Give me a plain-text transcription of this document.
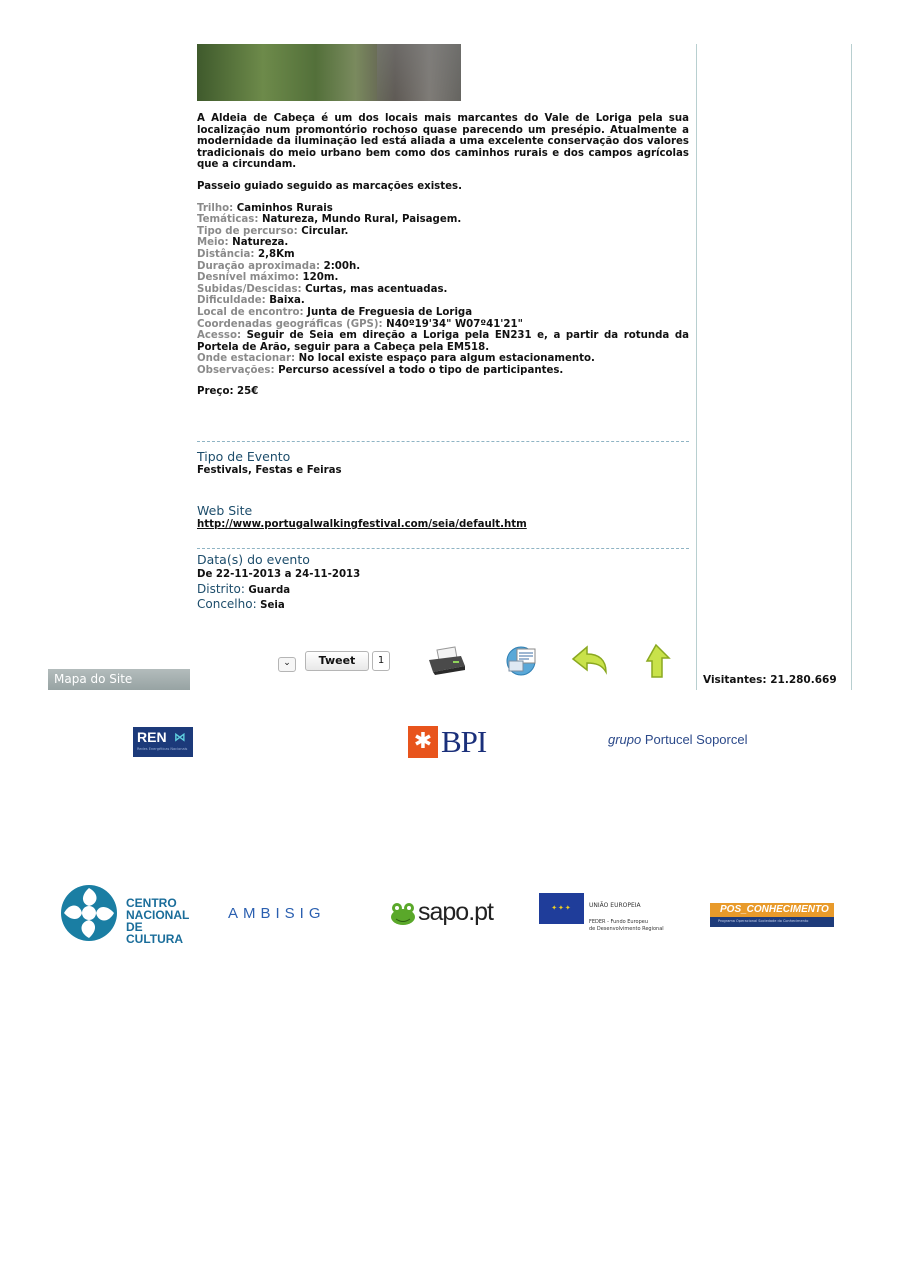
A Aldeia de Cabeça é um dos locais mais marcantes do Vale de Loriga pela sua localização num promontório rochoso quase parecendo um presépio. Atualmente a modernidade da iluminação led está aliada a uma excelente conservação dos valores tradicionais do meio urbano bem como dos caminhos rurais e dos campos agrícolas que a circundam.

Passeio guiado seguido as marcações existes.

Trilho: Caminhos Rurais

Temáticas: Natureza, Mundo Rural, Paisagem.

Tipo de percurso: Circular.

Meio: Natureza.

Distância: 2,8Km

Duração aproximada: 2:00h.

Desnível máximo: 120m.

Subidas/Descidas: Curtas, mas acentuadas.

Dificuldade: Baixa.

Local de encontro: Junta de Freguesia de Loriga

Coordenadas geográficas (GPS): N40º19'34" W07º41'21"

Acesso: Seguir de Seia em direção a Loriga pela EN231 e, a partir da rotunda da Portela de Arão, seguir para a Cabeça pela EM518.

Onde estacionar: No local existe espaço para algum estacionamento.

Observações: Percurso acessível a todo o tipo de participantes.

Preço: 25€

Tipo de Evento
Festivals, Festas e Feiras
Web Site
http://www.portugalwalkingfestival.com/seia/default.htm
Data(s) do evento
De 22-11-2013 a 24-11-2013
Distrito: Guarda
Concelho: Seia
⌄	Tweet	1
Mapa do Site	Visitantes: 21.280.669
REN ⋈
Redes Energéticas Nacionais	✱ BPI	grupo Portucel Soporcel
CENTRO
NACIONAL
DE CULTURA
AMBISIG	sapo.pt	✦✦✦	UNIÃO EUROPEIA
FEDER - Fundo Europeu
de Desenvolvimento Regional
POS_CONHECIMENTO
Programa Operacional Sociedade do Conhecimento
